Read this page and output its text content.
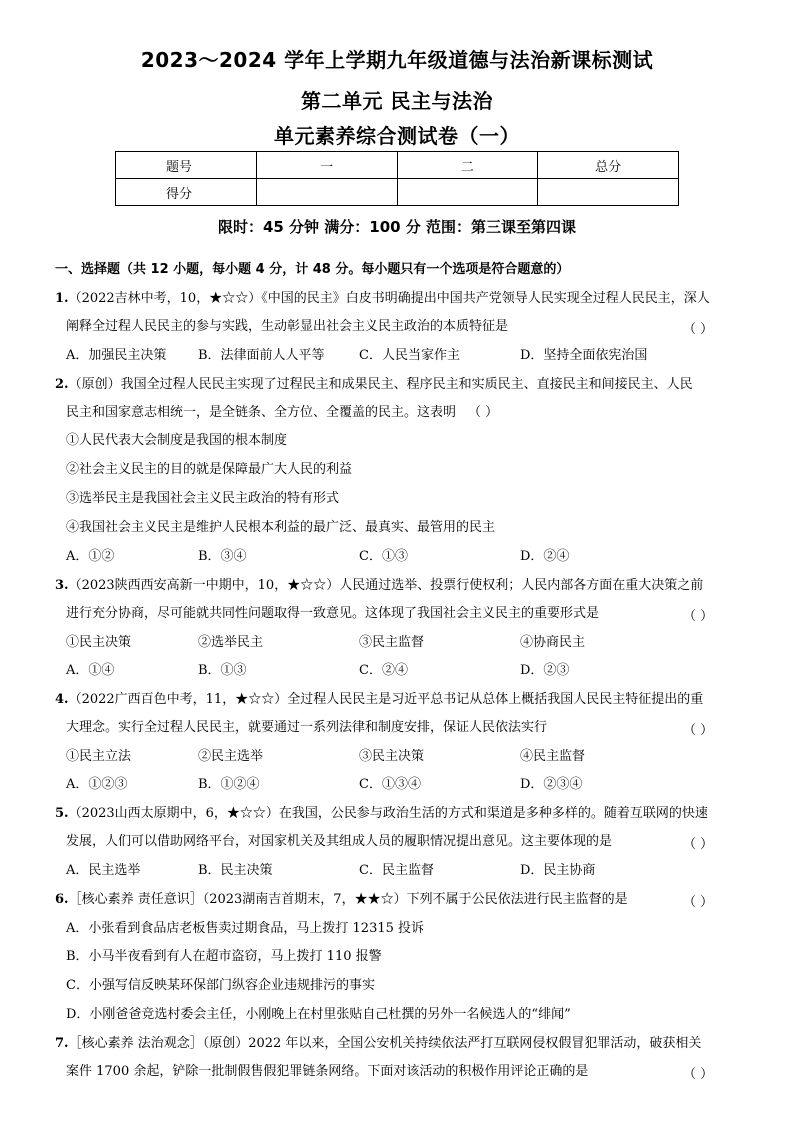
2023～2024 学年上学期九年级道德与法治新课标测试
第二单元 民主与法治
单元素养综合测试卷（一）
题号	一	二	总分
得分			
限时：45 分钟 满分：100 分 范围：第三课至第四课
一、选择题（共 12 小题，每小题 4 分，计 48 分。每小题只有一个选项是符合题意的）
1.（2022吉林中考，10，★☆☆）《中国的民主》白皮书明确提出中国共产党领导人民实现全过程人民民主，深人
阐释全过程人民民主的参与实践，生动彰显出社会主义民主政治的本质特征是	（ ）
A．加强民主决策 B．法律面前人人平等	C．人民当家作主	D．坚持全面依宪治国
2.（原创）我国全过程人民民主实现了过程民主和成果民主、程序民主和实质民主、直接民主和间接民主、人民
民主和国家意志相统一，是全链条、全方位、全覆盖的民主。这表明 （ ）
①人民代表大会制度是我国的根本制度
②社会主义民主的目的就是保障最广大人民的利益
③选举民主是我国社会主义民主政治的特有形式
④我国社会主义民主是维护人民根本利益的最广泛、最真实、最管用的民主
A．①②	B．③④	C．①③	D．②④
3.（2023陕西西安高新一中期中，10，★☆☆）人民通过选举、投票行使权利；人民内部各方面在重大决策之前
进行充分协商，尽可能就共同性问题取得一致意见。这体现了我国社会主义民主的重要形式是	（ ）
①民主决策	②选举民主	③民主监督	④协商民主
A．①④	B．①③	C．②④	D．②③
4.（2022广西百色中考，11，★☆☆）全过程人民民主是习近平总书记从总体上概括我国人民民主特征提出的重
大理念。实行全过程人民民主，就要通过一系列法律和制度安排，保证人民依法实行	（ ）
①民主立法	②民主选举	③民主决策	④民主监督
A．①②③	B．①②④	C．①③④	D．②③④
5.（2023山西太原期中，6，★☆☆）在我国，公民参与政治生活的方式和渠道是多种多样的。随着互联网的快速
发展，人们可以借助网络平台，对国家机关及其组成人员的履职情况提出意见。这主要体现的是	（ ）
A．民主选举	B．民主决策	C．民主监督	D．民主协商
6.［核心素养 责任意识］（2023湖南吉首期末，7，★★☆）下列不属于公民依法进行民主监督的是	（ ）
A．小张看到食品店老板售卖过期食品，马上拨打 12315 投诉
B．小马半夜看到有人在超市盗窃，马上拨打 110 报警
C．小强写信反映某环保部门纵容企业违规排污的事实
D．小刚爸爸竞选村委会主任，小刚晚上在村里张贴自己杜撰的另外一名候选人的“绯闻”
7.［核心素养 法治观念］（原创）2022 年以来，全国公安机关持续依法严打互联网侵权假冒犯罪活动，破获相关
案件 1700 余起，铲除一批制假售假犯罪链条网络。下面对该活动的积极作用评论正确的是	（ ）
